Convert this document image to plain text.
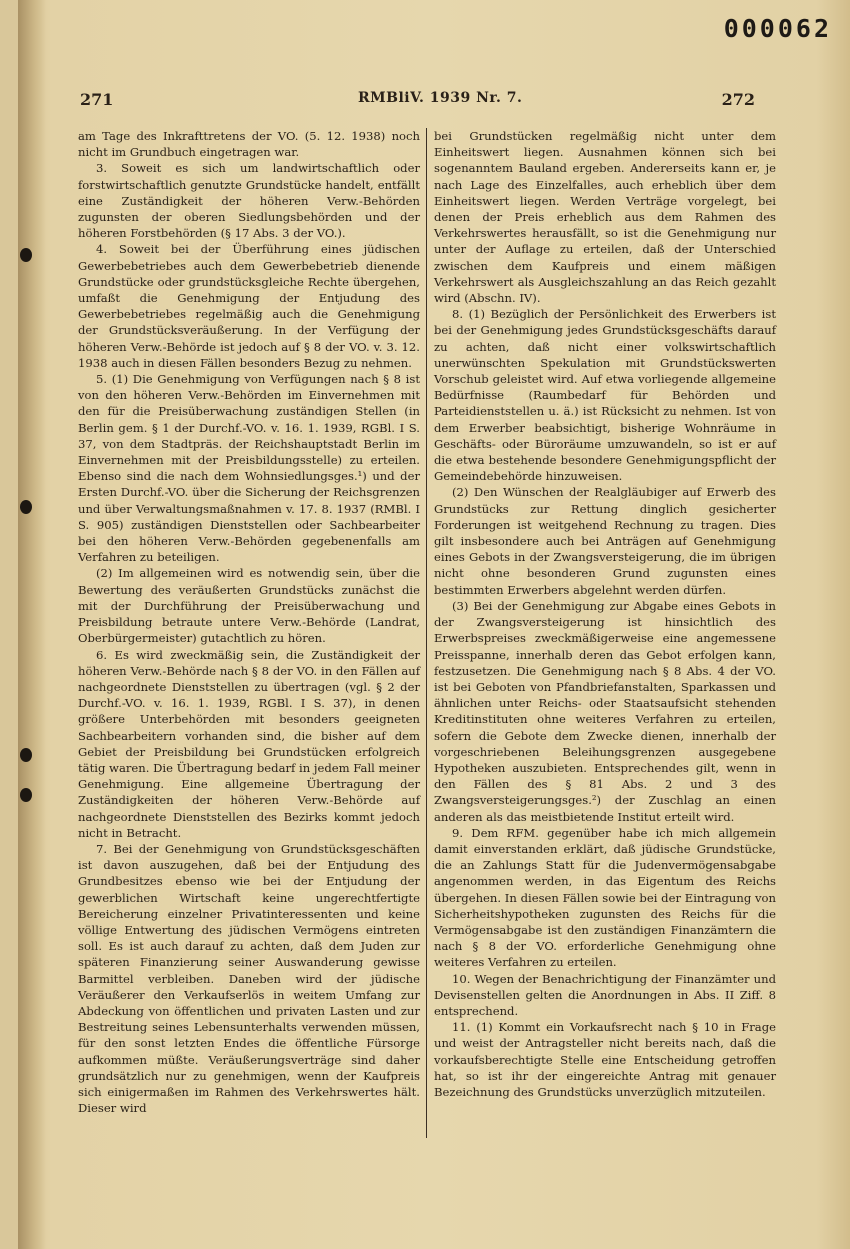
000062
271	RMBliV. 1939 Nr. 7.	272

am Tage des Inkrafttretens der VO. (5. 12. 1938) noch nicht im Grundbuch eingetragen war.

3. Soweit es sich um landwirtschaftlich oder forstwirtschaftlich genutzte Grundstücke handelt, entfällt eine Zuständigkeit der höheren Verw.-Behörden zugunsten der oberen Siedlungsbehörden und der höheren Forstbehörden (§ 17 Abs. 3 der VO.).

4. Soweit bei der Überführung eines jüdischen Gewerbebetriebes auch dem Gewerbebetrieb dienende Grundstücke oder grundstücksgleiche Rechte übergehen, umfaßt die Genehmigung der Entjudung des Gewerbebetriebes regelmäßig auch die Genehmigung der Grundstücksveräußerung. In der Verfügung der höheren Verw.-Behörde ist jedoch auf § 8 der VO. v. 3. 12. 1938 auch in diesen Fällen besonders Bezug zu nehmen.

5. (1) Die Genehmigung von Verfügungen nach § 8 ist von den höheren Verw.-Behörden im Einvernehmen mit den für die Preisüberwachung zuständigen Stellen (in Berlin gem. § 1 der Durchf.-VO. v. 16. 1. 1939, RGBl. I S. 37, von dem Stadtpräs. der Reichshauptstadt Berlin im Einvernehmen mit der Preisbildungsstelle) zu erteilen. Ebenso sind die nach dem Wohnsiedlungsges.¹) und der Ersten Durchf.-VO. über die Sicherung der Reichsgrenzen und über Verwaltungsmaßnahmen v. 17. 8. 1937 (RMBl. I S. 905) zuständigen Dienststellen oder Sachbearbeiter bei den höheren Verw.-Behörden gegebenenfalls am Verfahren zu beteiligen.

(2) Im allgemeinen wird es notwendig sein, über die Bewertung des veräußerten Grundstücks zunächst die mit der Durchführung der Preisüberwachung und Preisbildung betraute untere Verw.-Behörde (Landrat, Oberbürgermeister) gutachtlich zu hören.

6. Es wird zweckmäßig sein, die Zuständigkeit der höheren Verw.-Behörde nach § 8 der VO. in den Fällen auf nachgeordnete Dienststellen zu übertragen (vgl. § 2 der Durchf.-VO. v. 16. 1. 1939, RGBl. I S. 37), in denen größere Unterbehörden mit besonders geeigneten Sachbearbeitern vorhanden sind, die bisher auf dem Gebiet der Preisbildung bei Grundstücken erfolgreich tätig waren. Die Übertragung bedarf in jedem Fall meiner Genehmigung. Eine allgemeine Übertragung der Zuständigkeiten der höheren Verw.-Behörde auf nachgeordnete Dienststellen des Bezirks kommt jedoch nicht in Betracht.

7. Bei der Genehmigung von Grundstücksgeschäften ist davon auszugehen, daß bei der Entjudung des Grundbesitzes ebenso wie bei der Entjudung der gewerblichen Wirtschaft keine ungerechtfertigte Bereicherung einzelner Privatinteressenten und keine völlige Entwertung des jüdischen Vermögens eintreten soll. Es ist auch darauf zu achten, daß dem Juden zur späteren Finanzierung seiner Auswanderung gewisse Barmittel verbleiben. Daneben wird der jüdische Veräußerer den Verkaufserlös in weitem Umfang zur Abdeckung von öffentlichen und privaten Lasten und zur Bestreitung seines Lebensunterhalts verwenden müssen, für den sonst letzten Endes die öffentliche Fürsorge aufkommen müßte. Veräußerungsverträge sind daher grundsätzlich nur zu genehmigen, wenn der Kaufpreis sich einigermaßen im Rahmen des Verkehrswertes hält. Dieser wird

bei Grundstücken regelmäßig nicht unter dem Einheitswert liegen. Ausnahmen können sich bei sogenanntem Bauland ergeben. Andererseits kann er, je nach Lage des Einzelfalles, auch erheblich über dem Einheitswert liegen. Werden Verträge vorgelegt, bei denen der Preis erheblich aus dem Rahmen des Verkehrswertes herausfällt, so ist die Genehmigung nur unter der Auflage zu erteilen, daß der Unterschied zwischen dem Kaufpreis und einem mäßigen Verkehrswert als Ausgleichszahlung an das Reich gezahlt wird (Abschn. IV).

8. (1) Bezüglich der Persönlichkeit des Erwerbers ist bei der Genehmigung jedes Grundstücksgeschäfts darauf zu achten, daß nicht einer volkswirtschaftlich unerwünschten Spekulation mit Grundstückswerten Vorschub geleistet wird. Auf etwa vorliegende allgemeine Bedürfnisse (Raumbedarf für Behörden und Parteidienststellen u. ä.) ist Rücksicht zu nehmen. Ist von dem Erwerber beabsichtigt, bisherige Wohnräume in Geschäfts- oder Büroräume umzuwandeln, so ist er auf die etwa bestehende besondere Genehmigungspflicht der Gemeindebehörde hinzuweisen.

(2) Den Wünschen der Realgläubiger auf Erwerb des Grundstücks zur Rettung dinglich gesicherter Forderungen ist weitgehend Rechnung zu tragen. Dies gilt insbesondere auch bei Anträgen auf Genehmigung eines Gebots in der Zwangsversteigerung, die im übrigen nicht ohne besonderen Grund zugunsten eines bestimmten Erwerbers abgelehnt werden dürfen.

(3) Bei der Genehmigung zur Abgabe eines Gebots in der Zwangsversteigerung ist hinsichtlich des Erwerbspreises zweckmäßigerweise eine angemessene Preisspanne, innerhalb deren das Gebot erfolgen kann, festzusetzen. Die Genehmigung nach § 8 Abs. 4 der VO. ist bei Geboten von Pfandbriefanstalten, Sparkassen und ähnlichen unter Reichs- oder Staatsaufsicht stehenden Kreditinstituten ohne weiteres Verfahren zu erteilen, sofern die Gebote dem Zwecke dienen, innerhalb der vorgeschriebenen Beleihungsgrenzen ausgegebene Hypotheken auszubieten. Entsprechendes gilt, wenn in den Fällen des § 81 Abs. 2 und 3 des Zwangsversteigerungsges.²) der Zuschlag an einen anderen als das meistbietende Institut erteilt wird.

9. Dem RFM. gegenüber habe ich mich allgemein damit einverstanden erklärt, daß jüdische Grundstücke, die an Zahlungs Statt für die Judenvermögensabgabe angenommen werden, in das Eigentum des Reichs übergehen. In diesen Fällen sowie bei der Eintragung von Sicherheitshypotheken zugunsten des Reichs für die Vermögensabgabe ist den zuständigen Finanzämtern die nach § 8 der VO. erforderliche Genehmigung ohne weiteres Verfahren zu erteilen.

10. Wegen der Benachrichtigung der Finanzämter und Devisenstellen gelten die Anordnungen in Abs. II Ziff. 8 entsprechend.

11. (1) Kommt ein Vorkaufsrecht nach § 10 in Frage und weist der Antragsteller nicht bereits nach, daß die vorkaufsberechtigte Stelle eine Entscheidung getroffen hat, so ist ihr der eingereichte Antrag mit genauer Bezeichnung des Grundstücks unverzüglich mitzuteilen.
